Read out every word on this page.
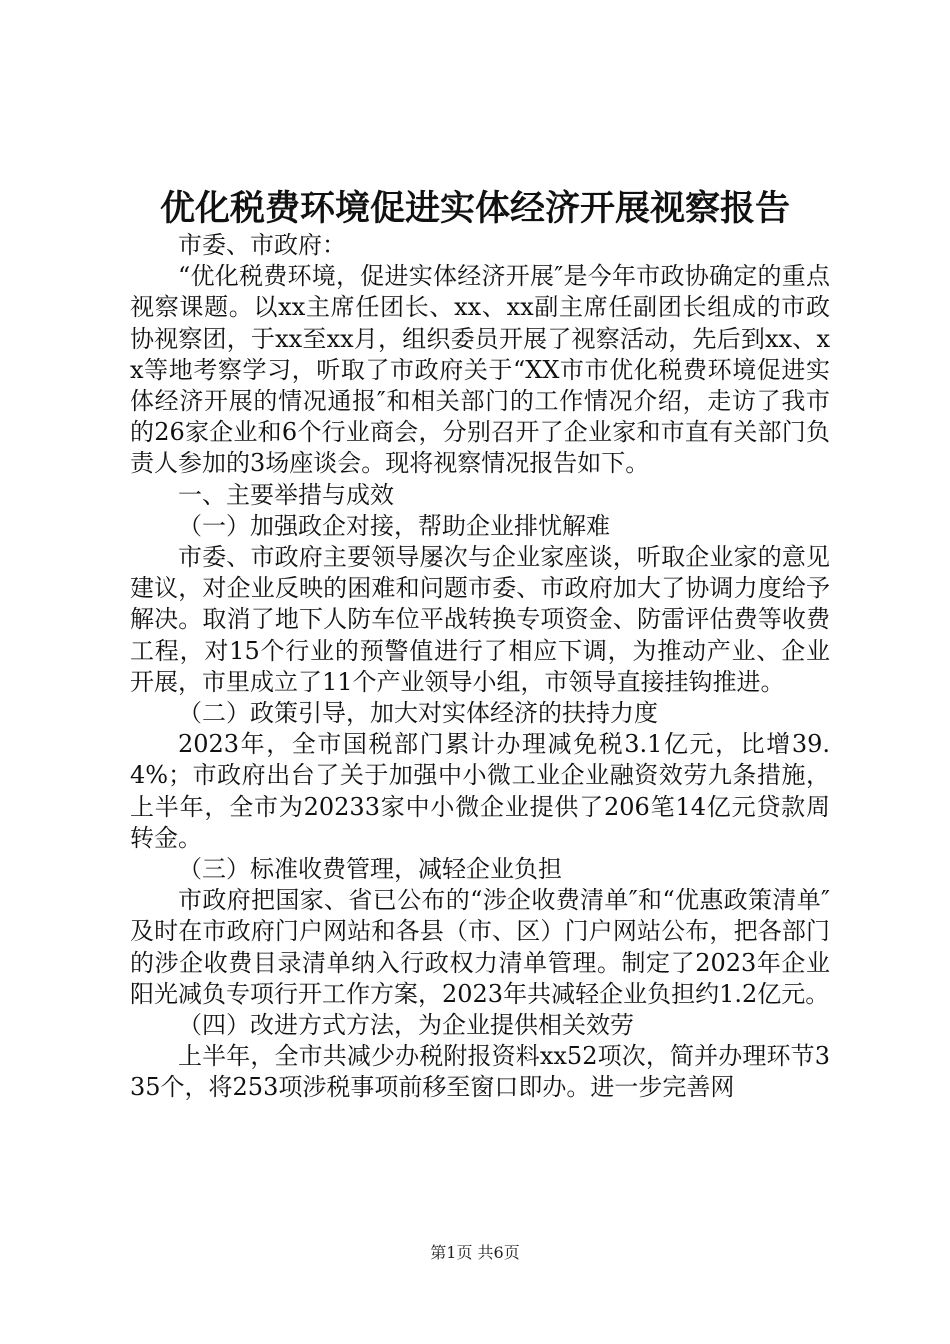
优化税费环境促进实体经济开展视察报告

市委、市政府：

“优化税费环境，促进实体经济开展″是今年市政协确定的重点视察课题。以xx主席任团长、xx、xx副主席任副团长组成的市政协视察团，于xx至xx月，组织委员开展了视察活动，先后到xx、xx等地考察学习，听取了市政府关于“XX市市优化税费环境促进实体经济开展的情况通报″和相关部门的工作情况介绍，走访了我市的26家企业和6个行业商会，分别召开了企业家和市直有关部门负责人参加的3场座谈会。现将视察情况报告如下。

一、主要举措与成效

（一）加强政企对接，帮助企业排忧解难

市委、市政府主要领导屡次与企业家座谈，听取企业家的意见建议，对企业反映的困难和问题市委、市政府加大了协调力度给予解决。取消了地下人防车位平战转换专项资金、防雷评估费等收费工程，对15个行业的预警值进行了相应下调，为推动产业、企业开展，市里成立了11个产业领导小组，市领导直接挂钩推进。

（二）政策引导，加大对实体经济的扶持力度

2023年，全市国税部门累计办理减免税3.1亿元，比增39.4%；市政府出台了关于加强中小微工业企业融资效劳九条措施，上半年，全市为20233家中小微企业提供了206笔14亿元贷款周转金。

（三）标准收费管理，减轻企业负担

市政府把国家、省已公布的“涉企收费清单″和“优惠政策清单″及时在市政府门户网站和各县（市、区）门户网站公布，把各部门的涉企收费目录清单纳入行政权力清单管理。制定了2023年企业阳光减负专项行开工作方案，2023年共减轻企业负担约1.2亿元。

（四）改进方式方法，为企业提供相关效劳

上半年，全市共减少办税附报资料xx52项次，简并办理环节335个，将253项涉税事项前移至窗口即办。进一步完善网

第1页 共6页
